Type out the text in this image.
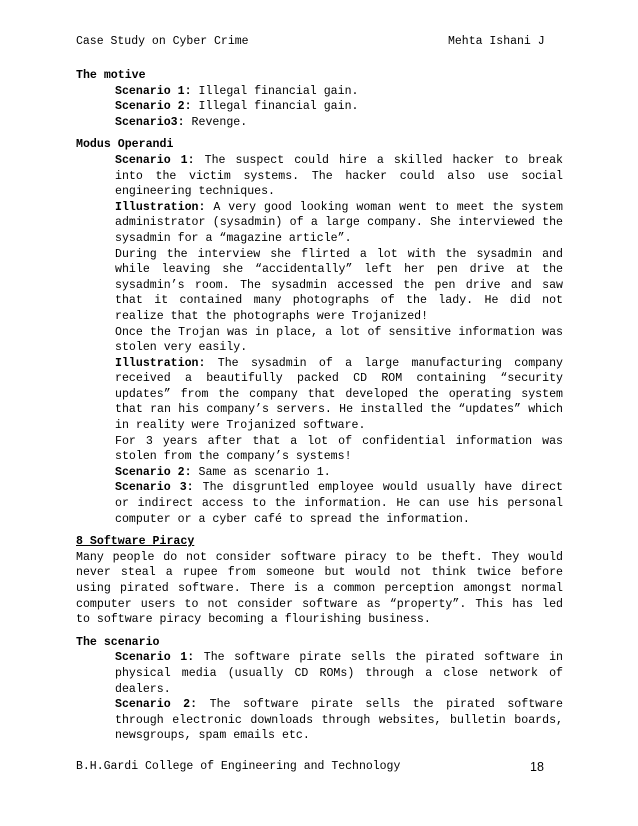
Case Study on Cyber Crime	Mehta Ishani J

The motive

Scenario 1: Illegal financial gain.

Scenario 2: Illegal financial gain.

Scenario3: Revenge.

Modus Operandi

Scenario 1: The suspect could hire a skilled hacker to break into the victim systems. The hacker could also use social engineering techniques.

Illustration: A very good looking woman went to meet the system administrator (sysadmin) of a large company. She interviewed the sysadmin for a “magazine article”.

During the interview she flirted a lot with the sysadmin and while leaving she “accidentally” left her pen drive at the sysadmin’s room. The sysadmin accessed the pen drive and saw that it contained many photographs of the lady. He did not realize that the photographs were Trojanized!

Once the Trojan was in place, a lot of sensitive information was stolen very easily.

Illustration: The sysadmin of a large manufacturing company received a beautifully packed CD ROM containing “security updates” from the company that developed the operating system that ran his company’s servers. He installed the “updates” which in reality were Trojanized software.

For 3 years after that a lot of confidential information was stolen from the company’s systems!

Scenario 2: Same as scenario 1.

Scenario 3: The disgruntled employee would usually have direct or indirect access to the information. He can use his personal computer or a cyber café to spread the information.

8 Software Piracy

Many people do not consider software piracy to be theft. They would never steal a rupee from someone but would not think twice before using pirated software. There is a common perception amongst normal computer users to not consider software as “property”. This has led to software piracy becoming a flourishing business.

The scenario

Scenario 1: The software pirate sells the pirated software in physical media (usually CD ROMs) through a close network of dealers.

Scenario 2: The software pirate sells the pirated software through electronic downloads through websites, bulletin boards, newsgroups, spam emails etc.

B.H.Gardi College of Engineering and Technology	18
